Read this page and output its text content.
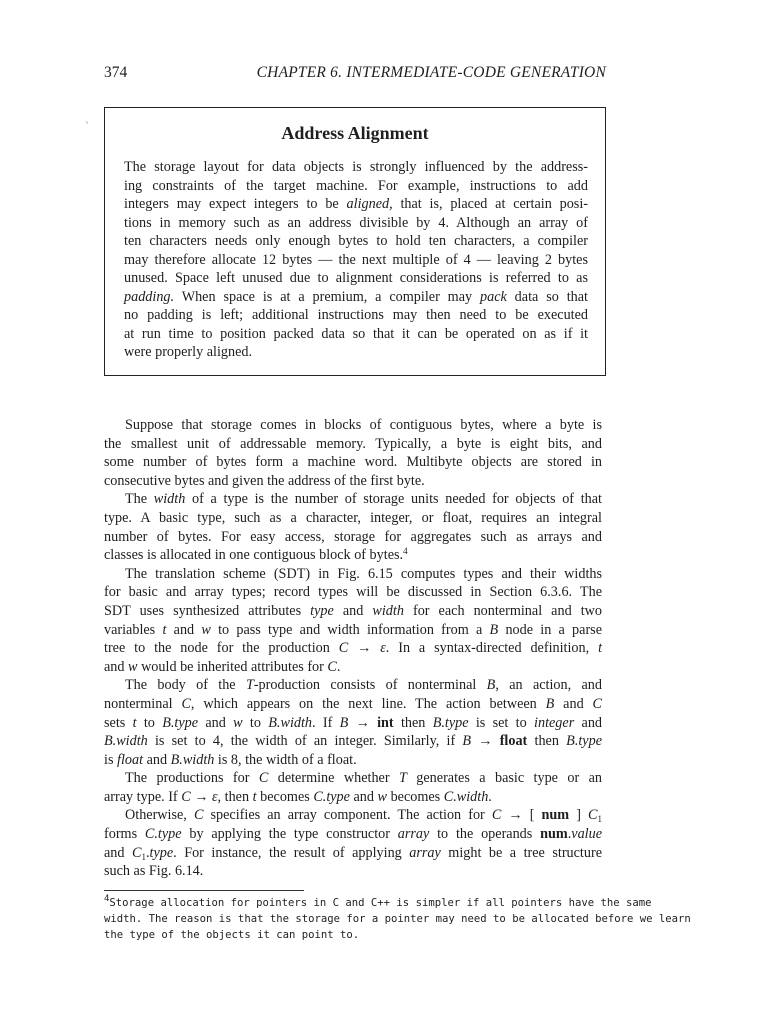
374	CHAPTER 6. INTERMEDIATE-CODE GENERATION
ˋ	Address Alignment
The storage layout for data objects is strongly influenced by the address-
ing constraints of the target machine. For example, instructions to add
integers may expect integers to be aligned, that is, placed at certain posi-
tions in memory such as an address divisible by 4. Although an array of
ten characters needs only enough bytes to hold ten characters, a compiler
may therefore allocate 12 bytes — the next multiple of 4 — leaving 2 bytes
unused. Space left unused due to alignment considerations is referred to as
padding. When space is at a premium, a compiler may pack data so that
no padding is left; additional instructions may then need to be executed
at run time to position packed data so that it can be operated on as if it
were properly aligned.
Suppose that storage comes in blocks of contiguous bytes, where a byte is
the smallest unit of addressable memory. Typically, a byte is eight bits, and
some number of bytes form a machine word. Multibyte objects are stored in
consecutive bytes and given the address of the first byte.
The width of a type is the number of storage units needed for objects of that
type. A basic type, such as a character, integer, or float, requires an integral
number of bytes. For easy access, storage for aggregates such as arrays and
classes is allocated in one contiguous block of bytes.$^4$
The translation scheme (SDT) in Fig. 6.15 computes types and their widths
for basic and array types; record types will be discussed in Section 6.3.6. The
SDT uses synthesized attributes type and width for each nonterminal and two
variables t and w to pass type and width information from a B node in a parse
tree to the node for the production C → ε. In a syntax-directed definition, t
and w would be inherited attributes for C.
The body of the T-production consists of nonterminal B, an action, and
nonterminal C, which appears on the next line. The action between B and C
sets t to B.type and w to B.width. If B → int then B.type is set to integer and
B.width is set to 4, the width of an integer. Similarly, if B → float then B.type
is float and B.width is 8, the width of a float.
The productions for C determine whether T generates a basic type or an
array type. If C → ε, then t becomes C.type and w becomes C.width.
Otherwise, C specifies an array component. The action for C → [ num ] $C_1$
forms C.type by applying the type constructor array to the operands num.value
and $C_1.type$. For instance, the result of applying array might be a tree structure
such as Fig. 6.14.
$^4$Storage allocation for pointers in C and C++ is simpler if all pointers have the same
width. The reason is that the storage for a pointer may need to be allocated before we learn
the type of the objects it can point to.
